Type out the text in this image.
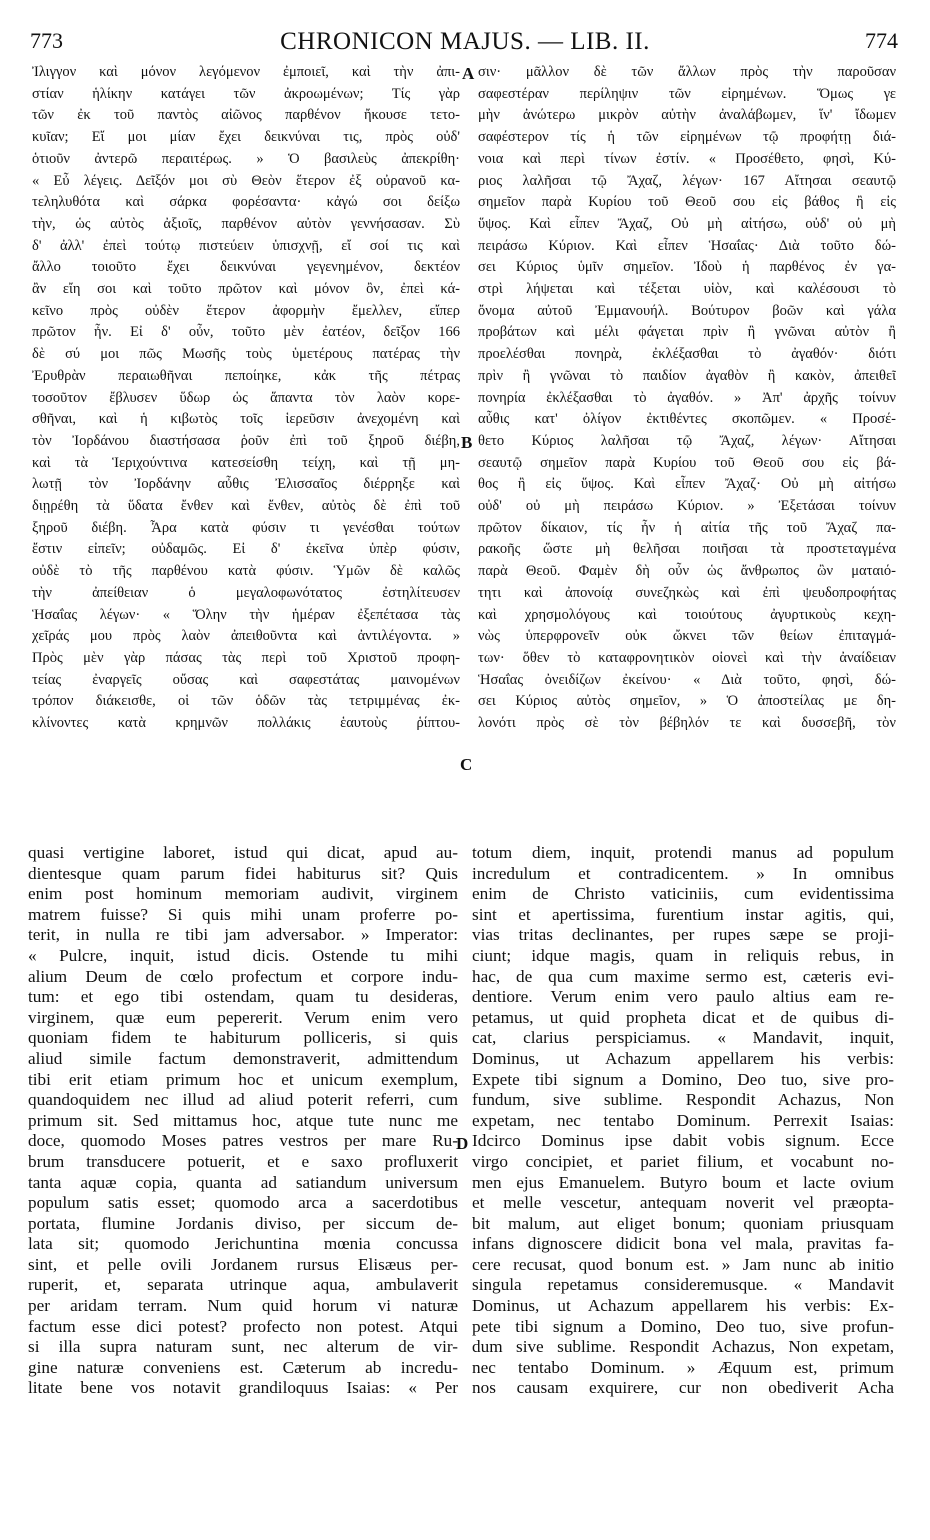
773	CHRONICON MAJUS. — LIB. II.	774
Ἰλιγγον καὶ μόνον λεγόμενον ἐμποιεῖ, καὶ τὴν ἀπι-
στίαν ἡλίκην κατάγει τῶν ἀκροωμένων; Τίς γὰρ
τῶν ἐκ τοῦ παντὸς αἰῶνος παρθένον ἤκουσε τετο-
κυῖαν; Εἴ μοι μίαν ἔχει δεικνύναι τις, πρὸς οὐδ'
ὁτιοῦν ἀντερῶ περαιτέρως. » Ὁ βασιλεὺς ἀπεκρίθη·
« Εὖ λέγεις. Δεῖξόν μοι σὺ Θεὸν ἕτερον ἐξ οὐρανοῦ κα-
τεληλυθότα καὶ σάρκα φορέσαντα· κἀγώ σοι δείξω
τὴν, ὡς αὐτὸς ἀξιοῖς, παρθένον αὐτὸν γεννήσασαν. Σὺ
δ' ἀλλ' ἐπεὶ τούτῳ πιστεύειν ὑπισχνῇ, εἴ σοί τις καὶ
ἄλλο τοιοῦτο ἔχει δεικνύναι γεγενημένον, δεκτέον
ἂν εἴη σοι καὶ τοῦτο πρῶτον καὶ μόνον ὂν, ἐπεὶ κά-
κεῖνο πρὸς οὐδὲν ἕτερον ἀφορμὴν ἔμελλεν, εἴπερ
πρῶτον ἦν. Εἰ δ' οὖν, τοῦτο μὲν ἐατέον, δεῖξον 166
δὲ σύ μοι πῶς Μωσῆς τοὺς ὑμετέρους πατέρας τὴν
Ἐρυθρὰν περαιωθῆναι πεποίηκε, κἀκ τῆς πέτρας
τοσοῦτον ἔβλυσεν ὕδωρ ὡς ἅπαντα τὸν λαὸν κορε-
σθῆναι, καὶ ἡ κιβωτὸς τοῖς ἱερεῦσιν ἀνεχομένη καὶ
τὸν Ἰορδάνου διαστήσασα ῥοῦν ἐπὶ τοῦ ξηροῦ διέβη,
καὶ τὰ Ἱεριχούντινα κατεσείσθη τείχη, καὶ τῇ μη-
λωτῇ τὸν Ἰορδάνην αὖθις Ἐλισσαῖος διέρρηξε καὶ
διῃρέθη τὰ ὕδατα ἔνθεν καὶ ἔνθεν, αὐτὸς δὲ ἐπὶ τοῦ
ξηροῦ διέβη. Ἆρα κατὰ φύσιν τι γενέσθαι τούτων
ἔστιν εἰπεῖν; οὐδαμῶς. Εἰ δ' ἐκεῖνα ὑπὲρ φύσιν,
οὐδὲ τὸ τῆς παρθένου κατὰ φύσιν. Ὑμῶν δὲ καλῶς
τὴν ἀπείθειαν ὁ μεγαλοφωνότατος ἐστηλίτευσεν
Ἡσαΐας λέγων· « Ὅλην τὴν ἡμέραν ἐξεπέτασα τὰς
χεῖράς μου πρὸς λαὸν ἀπειθοῦντα καὶ ἀντιλέγοντα. »
Πρὸς μὲν γὰρ πάσας τὰς περὶ τοῦ Χριστοῦ προφη-
τείας ἐναργεῖς οὔσας καὶ σαφεστάτας μαινομένων
τρόπον διάκεισθε, οἱ τῶν ὁδῶν τὰς τετριμμένας ἐκ-
κλίνοντες κατὰ κρημνῶν πολλάκις ἑαυτοὺς ῥίπτου-
σιν· μᾶλλον δὲ τῶν ἄλλων πρὸς τὴν παροῦσαν
σαφεστέραν περίληψιν τῶν εἰρημένων. Ὅμως γε
μὴν ἀνώτερω μικρὸν αὐτὴν ἀναλάβωμεν, ἵν' ἴδωμεν
σαφέστερον τίς ἡ τῶν εἰρημένων τῷ προφήτῃ διά-
νοια καὶ περὶ τίνων ἐστίν. « Προσέθετο, φησὶ, Κύ-
ριος λαλῆσαι τῷ Ἄχαζ, λέγων· 167 Αἴτησαι σεαυτῷ
σημεῖον παρὰ Κυρίου τοῦ Θεοῦ σου εἰς βάθος ἢ εἰς
ὕψος. Καὶ εἶπεν Ἄχαζ, Οὐ μὴ αἰτήσω, οὐδ' οὐ μὴ
πειράσω Κύριον. Καὶ εἶπεν Ἡσαΐας· Διὰ τοῦτο δώ-
σει Κύριος ὑμῖν σημεῖον. Ἰδοὺ ἡ παρθένος ἐν γα-
στρὶ λήψεται καὶ τέξεται υἱὸν, καὶ καλέσουσι τὸ
ὄνομα αὐτοῦ Ἐμμανουήλ. Βούτυρον βοῶν καὶ γάλα
προβάτων καὶ μέλι φάγεται πρὶν ἢ γνῶναι αὐτὸν ἢ
προελέσθαι πονηρὰ, ἐκλέξασθαι τὸ ἀγαθόν· διότι
πρὶν ἢ γνῶναι τὸ παιδίον ἀγαθὸν ἢ κακὸν, ἀπειθεῖ
πονηρία ἐκλέξασθαι τὸ ἀγαθόν. » Ἀπ' ἀρχῆς τοίνυν
αὖθις κατ' ὀλίγον ἐκτιθέντες σκοπῶμεν. « Προσέ-
θετο Κύριος λαλῆσαι τῷ Ἄχαζ, λέγων· Αἴτησαι
σεαυτῷ σημεῖον παρὰ Κυρίου τοῦ Θεοῦ σου εἰς βά-
θος ἢ εἰς ὕψος. Καὶ εἶπεν Ἄχαζ· Οὐ μὴ αἰτήσω
οὐδ' οὐ μὴ πειράσω Κύριον. » Ἐξετάσαι τοίνυν
πρῶτον δίκαιον, τίς ἦν ἡ αἰτία τῆς τοῦ Ἄχαζ πα-
ρακοῆς ὥστε μὴ θελῆσαι ποιῆσαι τὰ προστεταγμένα
παρὰ Θεοῦ. Φαμὲν δὴ οὖν ὡς ἄνθρωπος ὢν ματαιό-
τητι καὶ ἀπονοίᾳ συνεζηκὼς καὶ ἐπὶ ψευδοπροφήτας
καὶ χρησμολόγους καὶ τοιούτους ἀγυρτικοὺς κεχη-
νὼς ὑπερφρονεῖν οὐκ ὤκνει τῶν θείων ἐπιταγμά-
των· ὅθεν τὸ καταφρονητικὸν οἰονεὶ καὶ τὴν ἀναίδειαν
Ἡσαΐας ὀνειδίζων ἐκείνου· « Διὰ τοῦτο, φησὶ, δώ-
σει Κύριος αὐτὸς σημεῖον, » Ὁ ἀποστείλας με δη-
λονότι πρὸς σὲ τὸν βέβηλόν τε καὶ δυσσεβῆ, τὸν
A
B
C
quasi vertigine laboret, istud qui dicat, apud au-
dientesque quam parum fidei habiturus sit? Quis
enim post hominum memoriam audivit, virginem
matrem fuisse? Si quis mihi unam proferre po-
terit, in nulla re tibi jam adversabor. » Imperator:
« Pulcre, inquit, istud dicis. Ostende tu mihi
alium Deum de cœlo profectum et corpore indu-
tum: et ego tibi ostendam, quam tu desideras,
virginem, quæ eum pepererit. Verum enim vero
quoniam fidem te habiturum polliceris, si quis
aliud simile factum demonstraverit, admittendum
tibi erit etiam primum hoc et unicum exemplum,
quandoquidem nec illud ad aliud poterit referri, cum
primum sit. Sed mittamus hoc, atque tute nunc me
doce, quomodo Moses patres vestros per mare Ru-
brum transducere potuerit, et e saxo profluxerit
tanta aquæ copia, quanta ad satiandum universum
populum satis esset; quomodo arca a sacerdotibus
portata, flumine Jordanis diviso, per siccum de-
lata sit; quomodo Jerichuntina mœnia concussa
sint, et pelle ovili Jordanem rursus Elisæus per-
ruperit, et, separata utrinque aqua, ambulaverit
per aridam terram. Num quid horum vi naturæ
factum esse dici potest? profecto non potest. Atqui
si illa supra naturam sunt, nec alterum de vir-
gine naturæ conveniens est. Cæterum ab incredu-
litate bene vos notavit grandiloquus Isaias: « Per
totum diem, inquit, protendi manus ad populum
incredulum et contradicentem. » In omnibus
enim de Christo vaticiniis, cum evidentissima
sint et apertissima, furentium instar agitis, qui,
vias tritas declinantes, per rupes sæpe se proji-
ciunt; idque magis, quam in reliquis rebus, in
hac, de qua cum maxime sermo est, cæteris evi-
dentiore. Verum enim vero paulo altius eam re-
petamus, ut quid propheta dicat et de quibus di-
cat, clarius perspiciamus. « Mandavit, inquit,
Dominus, ut Achazum appellarem his verbis:
Expete tibi signum a Domino, Deo tuo, sive pro-
fundum, sive sublime. Respondit Achazus, Non
expetam, nec tentabo Dominum. Perrexit Isaias:
Idcirco Dominus ipse dabit vobis signum. Ecce
virgo concipiet, et pariet filium, et vocabunt no-
men ejus Emanuelem. Butyro boum et lacte ovium
et melle vescetur, antequam noverit vel præopta-
bit malum, aut eliget bonum; quoniam priusquam
infans dignoscere didicit bona vel mala, pravitas fa-
cere recusat, quod bonum est. » Jam nunc ab initio
singula repetamus consideremusque. « Mandavit
Dominus, ut Achazum appellarem his verbis: Ex-
pete tibi signum a Domino, Deo tuo, sive profun-
dum sive sublime. Respondit Achazus, Non expetam,
nec tentabo Dominum. » Æquum est, primum
nos causam exquirere, cur non obediverit Acha
D
